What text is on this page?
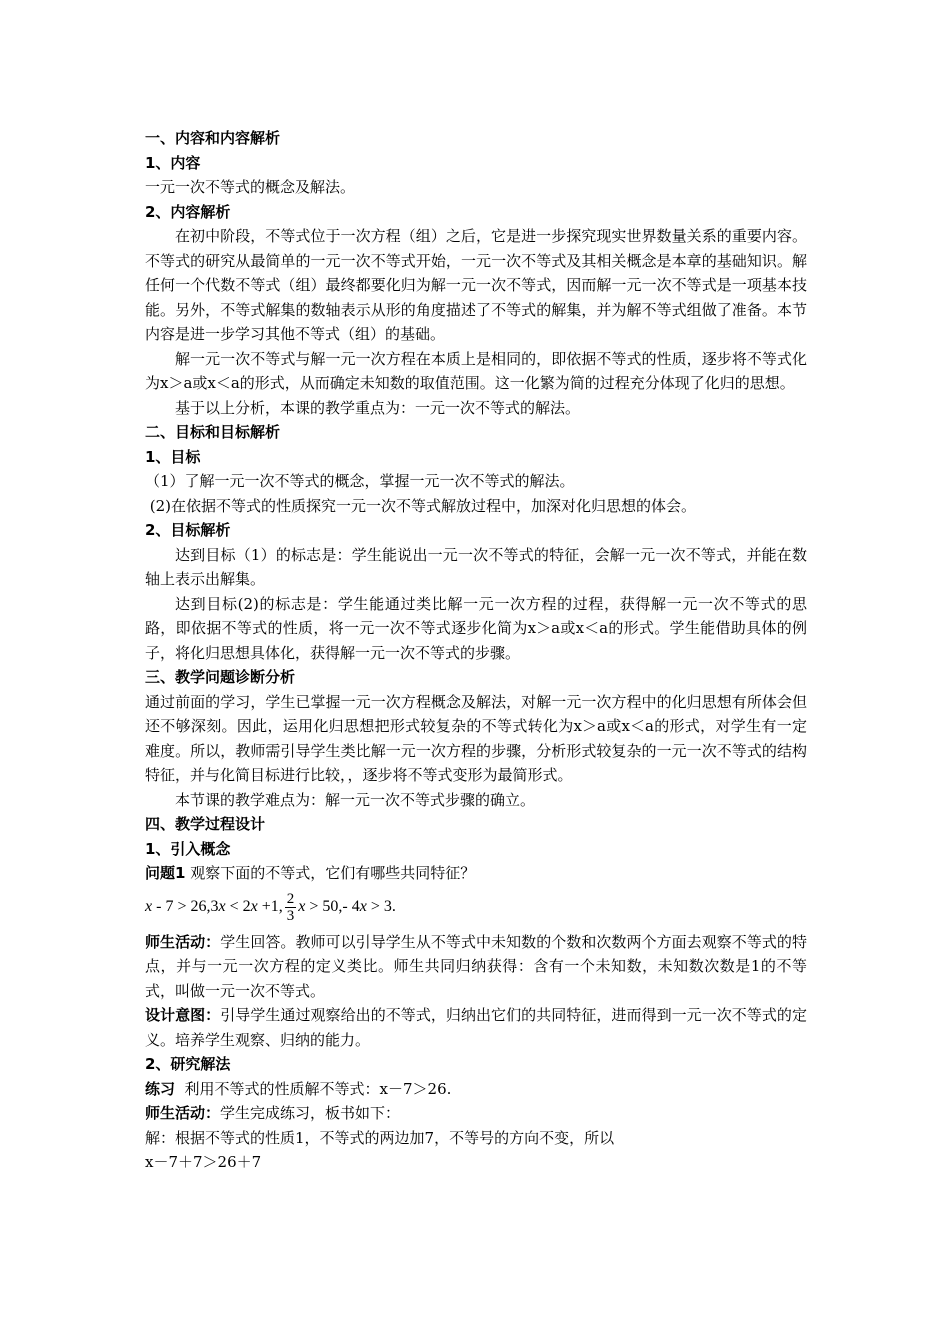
一、内容和内容解析
1、内容
一元一次不等式的概念及解法。
2、内容解析
在初中阶段，不等式位于一次方程（组）之后，它是进一步探究现实世界数量关系的重要内容。不等式的研究从最简单的一元一次不等式开始，一元一次不等式及其相关概念是本章的基础知识。解任何一个代数不等式（组）最终都要化归为解一元一次不等式，因而解一元一次不等式是一项基本技能。另外，不等式解集的数轴表示从形的角度描述了不等式的解集，并为解不等式组做了准备。本节内容是进一步学习其他不等式（组）的基础。
解一元一次不等式与解一元一次方程在本质上是相同的，即依据不等式的性质，逐步将不等式化为x＞a或x＜a的形式，从而确定未知数的取值范围。这一化繁为简的过程充分体现了化归的思想。
基于以上分析，本课的教学重点为：一元一次不等式的解法。
二、目标和目标解析
1、目标
（1）了解一元一次不等式的概念，掌握一元一次不等式的解法。
(2)在依据不等式的性质探究一元一次不等式解放过程中，加深对化归思想的体会。
2、目标解析
达到目标（1）的标志是：学生能说出一元一次不等式的特征，会解一元一次不等式，并能在数轴上表示出解集。
达到目标(2)的标志是：学生能通过类比解一元一次方程的过程，获得解一元一次不等式的思路，即依据不等式的性质，将一元一次不等式逐步化简为x＞a或x＜a的形式。学生能借助具体的例子，将化归思想具体化，获得解一元一次不等式的步骤。
三、教学问题诊断分析
通过前面的学习，学生已掌握一元一次方程概念及解法，对解一元一次方程中的化归思想有所体会但还不够深刻。因此，运用化归思想把形式较复杂的不等式转化为x＞a或x＜a的形式，对学生有一定难度。所以，教师需引导学生类比解一元一次方程的步骤，分析形式较复杂的一元一次不等式的结构特征，并与化简目标进行比较，，逐步将不等式变形为最简形式。
本节课的教学难点为：解一元一次不等式步骤的确立。
四、教学过程设计
1、引入概念
问题1 观察下面的不等式，它们有哪些共同特征？
x - 7 > 26,3 x < 2 x +1, $\frac{2}{3}$ x > 50,- 4 x > 3.
师生活动：学生回答。教师可以引导学生从不等式中未知数的个数和次数两个方面去观察不等式的特点，并与一元一次方程的定义类比。师生共同归纳获得：含有一个未知数，未知数次数是1的不等式，叫做一元一次不等式。
设计意图：引导学生通过观察给出的不等式，归纳出它们的共同特征，进而得到一元一次不等式的定义。培养学生观察、归纳的能力。
2、研究解法
练习  利用不等式的性质解不等式：x－7＞26.
师生活动：学生完成练习，板书如下：
解：根据不等式的性质1，不等式的两边加7，不等号的方向不变，所以
x－7＋7＞26＋7
